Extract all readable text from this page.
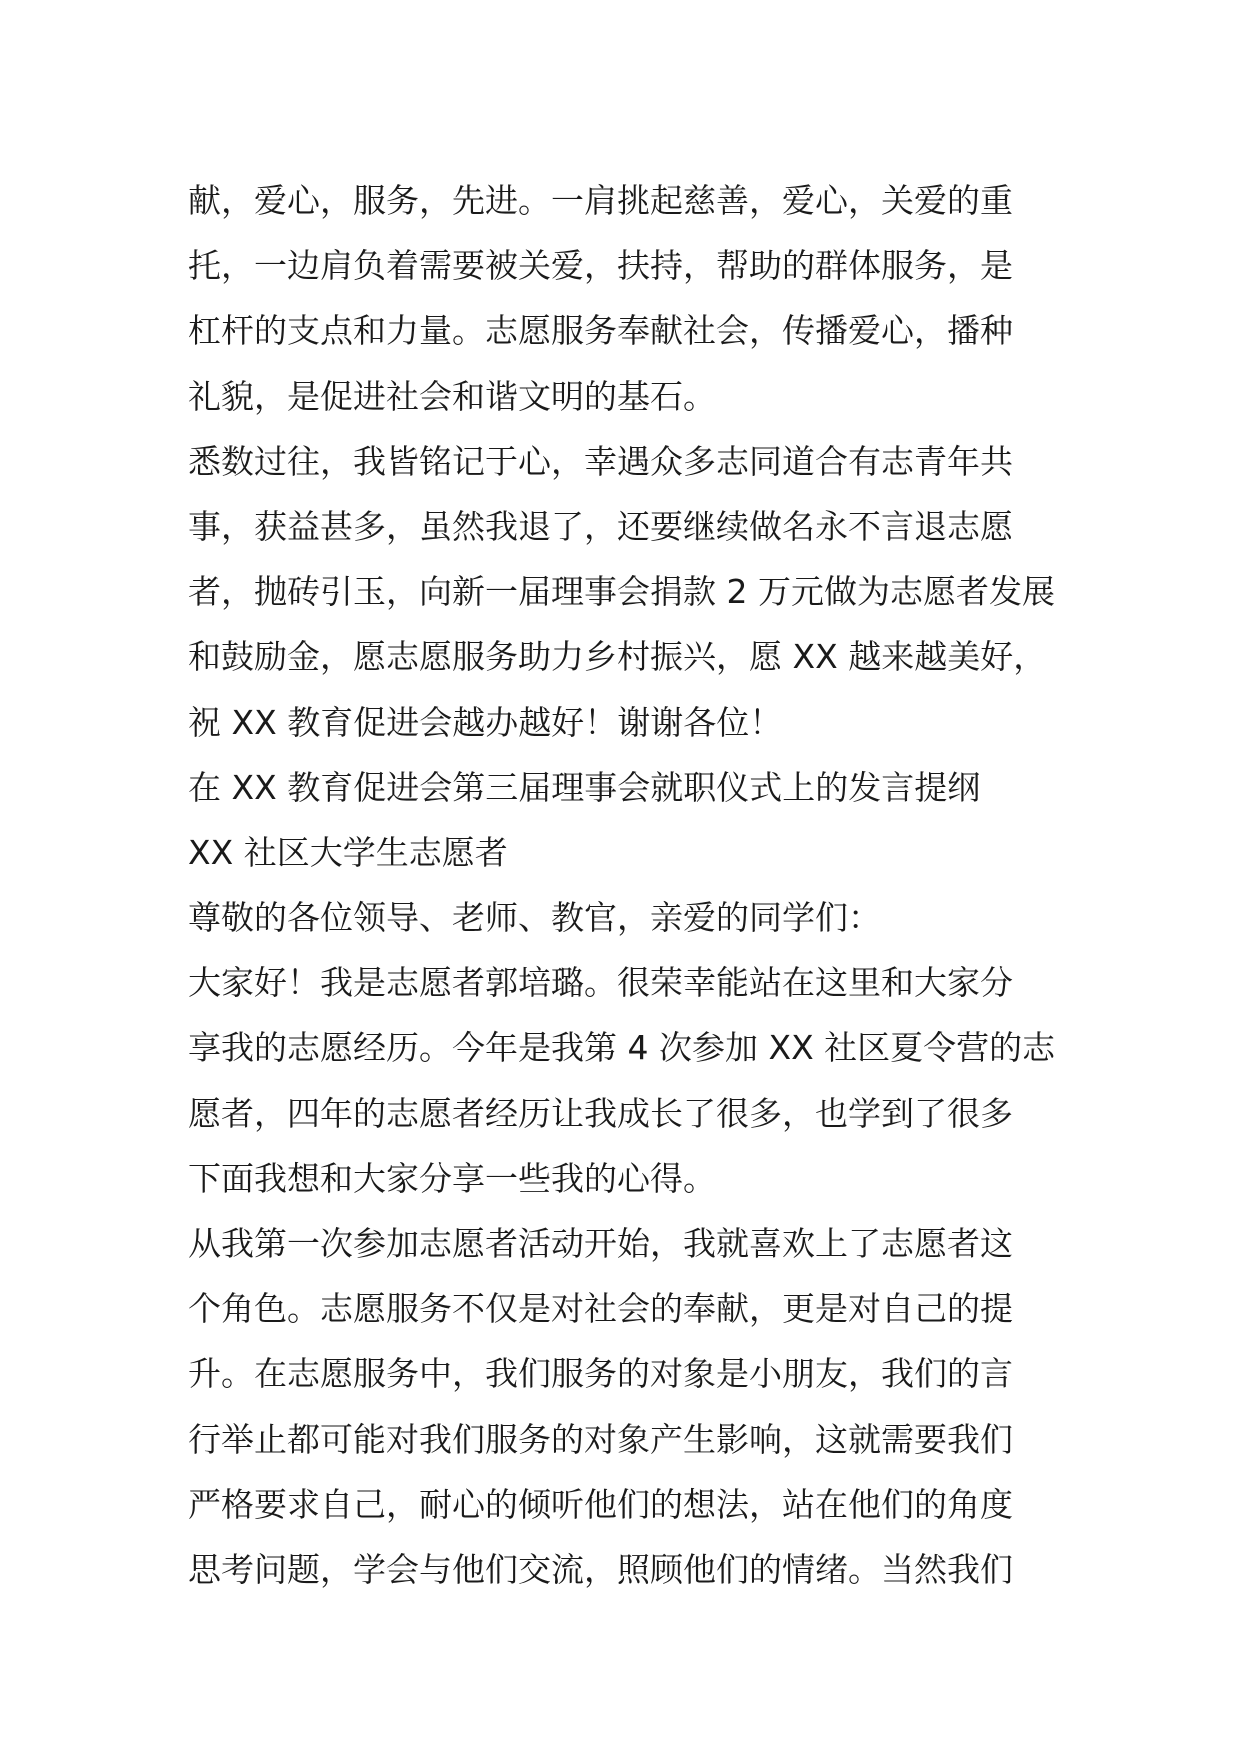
献，爱心，服务，先进。一肩挑起慈善，爱心，关爱的重
托，一边肩负着需要被关爱，扶持，帮助的群体服务，是
杠杆的支点和力量。志愿服务奉献社会，传播爱心，播种
礼貌，是促进社会和谐文明的基石。
悉数过往，我皆铭记于心，幸遇众多志同道合有志青年共
事，获益甚多，虽然我退了，还要继续做名永不言退志愿
者，抛砖引玉，向新一届理事会捐款 2 万元做为志愿者发展
和鼓励金，愿志愿服务助力乡村振兴，愿 XX 越来越美好，
祝 XX 教育促进会越办越好！谢谢各位！
在 XX 教育促进会第三届理事会就职仪式上的发言提纲
XX 社区大学生志愿者
尊敬的各位领导、老师、教官，亲爱的同学们：
大家好！我是志愿者郭培璐。很荣幸能站在这里和大家分
享我的志愿经历。今年是我第 4 次参加 XX 社区夏令营的志
愿者，四年的志愿者经历让我成长了很多，也学到了很多
下面我想和大家分享一些我的心得。
从我第一次参加志愿者活动开始，我就喜欢上了志愿者这
个角色。志愿服务不仅是对社会的奉献，更是对自己的提
升。在志愿服务中，我们服务的对象是小朋友，我们的言
行举止都可能对我们服务的对象产生影响，这就需要我们
严格要求自己，耐心的倾听他们的想法，站在他们的角度
思考问题，学会与他们交流，照顾他们的情绪。当然我们
